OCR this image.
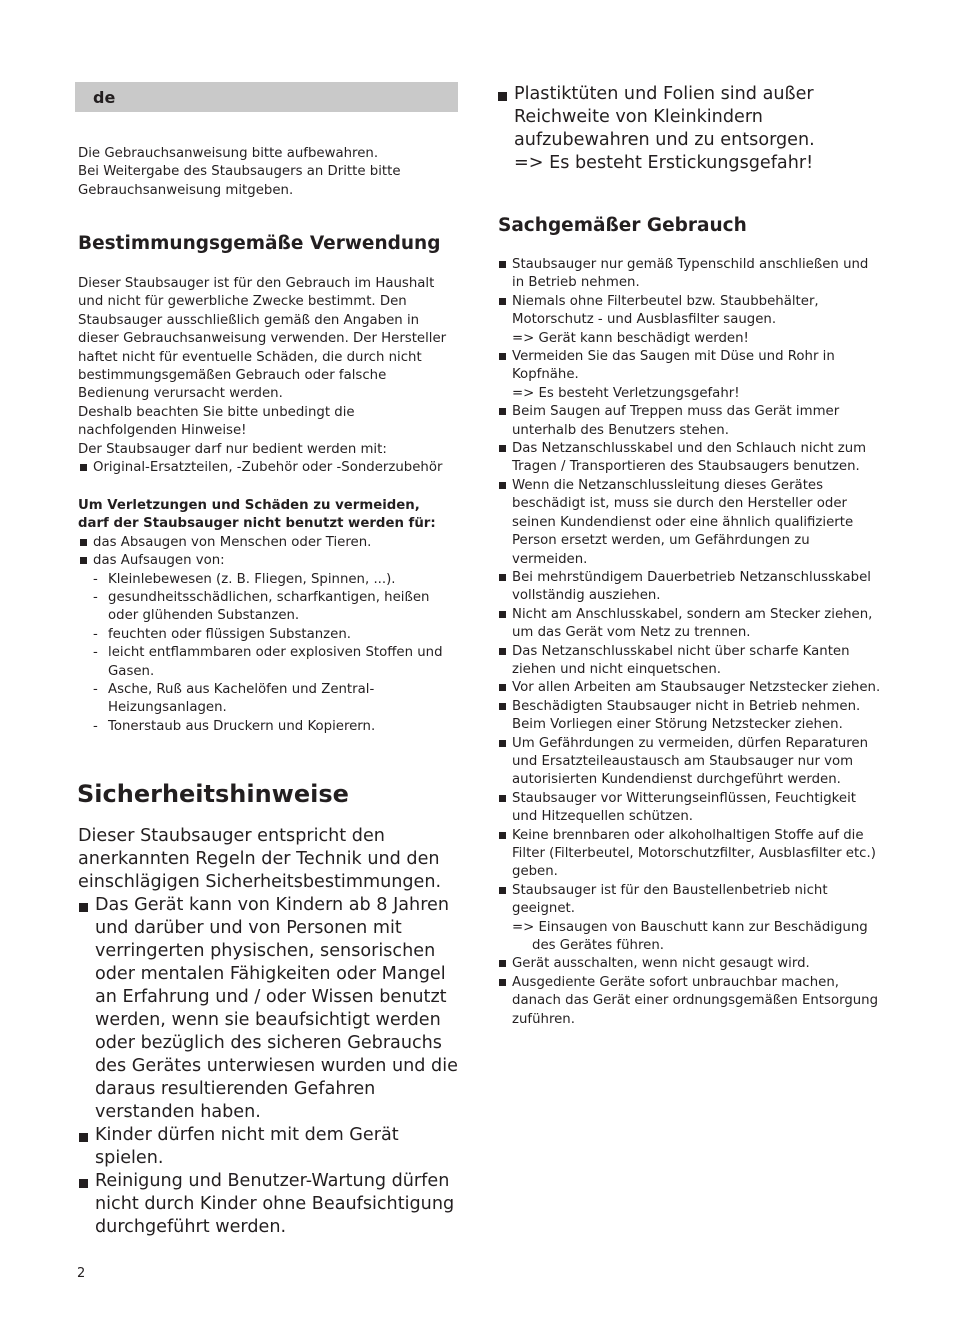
de

Die Gebrauchsanweisung bitte aufbewahren.

Bei Weitergabe des Staubsaugers an Dritte bitte Gebrauchsanweisung mitgeben.

Bestimmungsgemäße Verwendung

Dieser Staubsauger ist für den Gebrauch im Haushalt und nicht für gewerbliche Zwecke bestimmt. Den Staubsauger ausschließlich gemäß den Angaben in dieser Gebrauchsanweisung verwenden. Der Hersteller haftet nicht für eventuelle Schäden, die durch nicht bestimmungsgemäßen Gebrauch oder falsche Bedienung verursacht werden.

Deshalb beachten Sie bitte unbedingt die nachfolgenden Hinweise!

Der Staubsauger darf nur bedient werden mit:

Original-Ersatzteilen, -Zubehör oder -Sonderzubehör

Um Verletzungen und Schäden zu vermeiden, darf der Staubsauger nicht benutzt werden für:

das Absaugen von Menschen oder Tieren.
das Aufsaugen von:
- Kleinlebewesen (z. B. Fliegen, Spinnen, ...).
- gesundheitsschädlichen, scharfkantigen, heißen oder glühenden Substanzen.
- feuchten oder flüssigen Substanzen.
- leicht entflammbaren oder explosiven Stoffen und Gasen.
- Asche, Ruß aus Kachelöfen und Zentral-Heizungsanlagen.
- Tonerstaub aus Druckern und Kopierern.
Sicherheitshinweise

Dieser Staubsauger entspricht den anerkannten Regeln der Technik und den einschlägigen Sicherheitsbestimmungen.

Das Gerät kann von Kindern ab 8 Jahren und darüber und von Personen mit verringerten physischen, sensorischen oder mentalen Fähigkeiten oder Mangel an Erfahrung und / oder Wissen benutzt werden, wenn sie beaufsichtigt werden oder bezüglich des sicheren Gebrauchs des Gerätes unterwiesen wurden und die daraus resultierenden Gefahren verstanden haben.
Kinder dürfen nicht mit dem Gerät spielen.
Reinigung und Benutzer-Wartung dürfen nicht durch Kinder ohne Beaufsichtigung durchgeführt werden.
Plastiktüten und Folien sind außer Reichweite von Kleinkindern aufzubewahren und zu entsorgen.
=> Es besteht Erstickungsgefahr!
Sachgemäßer Gebrauch
Staubsauger nur gemäß Typenschild anschließen und in Betrieb nehmen.
Niemals ohne Filterbeutel bzw. Staubbehälter, Motorschutz - und Ausblasfilter saugen.
=> Gerät kann beschädigt werden!
Vermeiden Sie das Saugen mit Düse und Rohr in Kopfnähe.
=> Es besteht Verletzungsgefahr!
Beim Saugen auf Treppen muss das Gerät immer unterhalb des Benutzers stehen.
Das Netzanschlusskabel und den Schlauch nicht zum Tragen / Transportieren des Staubsaugers benutzen.
Wenn die Netzanschlussleitung dieses Gerätes beschädigt ist, muss sie durch den Hersteller oder seinen Kundendienst oder eine ähnlich qualifizierte Person ersetzt werden, um Gefährdungen zu vermeiden.
Bei mehrstündigem Dauerbetrieb Netzanschlusskabel vollständig ausziehen.
Nicht am Anschlusskabel, sondern am Stecker ziehen, um das Gerät vom Netz zu trennen.
Das Netzanschlusskabel nicht über scharfe Kanten ziehen und nicht einquetschen.
Vor allen Arbeiten am Staubsauger Netzstecker ziehen.
Beschädigten Staubsauger nicht in Betrieb nehmen. Beim Vorliegen einer Störung Netzstecker ziehen.
Um Gefährdungen zu vermeiden, dürfen Reparaturen und Ersatzteileaustausch am Staubsauger nur vom autorisierten Kundendienst durchgeführt werden.
Staubsauger vor Witterungseinflüssen, Feuchtigkeit und Hitzequellen schützen.
Keine brennbaren oder alkoholhaltigen Stoffe auf die Filter (Filterbeutel, Motorschutzfilter, Ausblasfilter etc.) geben.
Staubsauger ist für den Baustellenbetrieb nicht geeignet.

=> Einsaugen von Bauschutt kann zur Beschädigung des Gerätes führen.
Gerät ausschalten, wenn nicht gesaugt wird.
Ausgediente Geräte sofort unbrauchbar machen, danach das Gerät einer ordnungsgemäßen Entsorgung zuführen.
2
